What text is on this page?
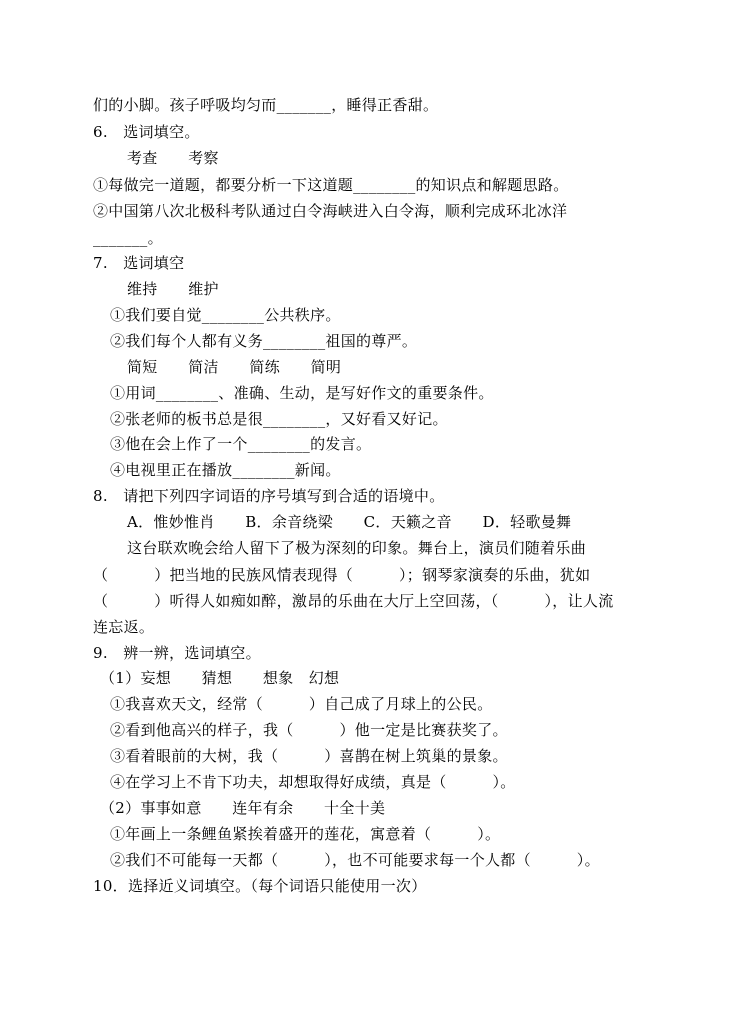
们的小脚。孩子呼吸均匀而_______，睡得正香甜。
6.　选词填空。
考查　　考察
①每做完一道题，都要分析一下这道题________的知识点和解题思路。
②中国第八次北极科考队通过白令海峡进入白令海，顺利完成环北冰洋
_______。
7.　选词填空
维持　　维护
①我们要自觉________公共秩序。
②我们每个人都有义务________祖国的尊严。
简短　　简洁　　简练　　简明
①用词________、准确、生动，是写好作文的重要条件。
②张老师的板书总是很________，又好看又好记。
③他在会上作了一个________的发言。
④电视里正在播放________新闻。
8.　请把下列四字词语的序号填写到合适的语境中。
A．惟妙惟肖　　B．余音绕梁　　C．天籁之音　　D．轻歌曼舞
这台联欢晚会给人留下了极为深刻的印象。舞台上，演员们随着乐曲
（　　　）把当地的民族风情表现得（　　　）；钢琴家演奏的乐曲，犹如
（　　　）听得人如痴如醉，激昂的乐曲在大厅上空回荡，（　　　），让人流
连忘返。
9.　辨一辨，选词填空。
（1）妄想　　猜想　　想象　幻想
①我喜欢天文，经常（　　　）自己成了月球上的公民。
②看到他高兴的样子，我（　　　）他一定是比赛获奖了。
③看着眼前的大树，我（　　　）喜鹊在树上筑巢的景象。
④在学习上不肯下功夫，却想取得好成绩，真是（　　　）。
（2）事事如意　　连年有余　　十全十美
①年画上一条鲤鱼紧挨着盛开的莲花，寓意着（　　　）。
②我们不可能每一天都（　　　），也不可能要求每一个人都（　　　）。
10．选择近义词填空。（每个词语只能使用一次）
